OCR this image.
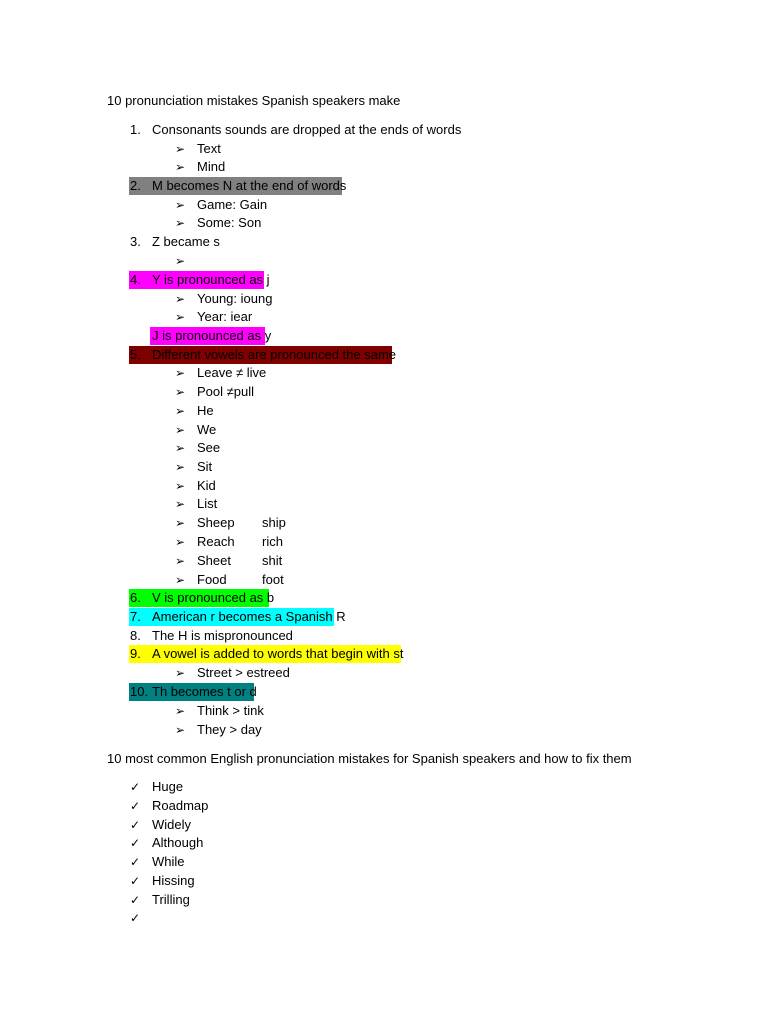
10 pronunciation mistakes Spanish speakers make
1. Consonants sounds are dropped at the ends of words
➢ Text
➢ Mind
2. M becomes N at the end of words
➢ Game: Gain
➢ Some: Son
3. Z became s
➢
4. Y is pronounced as j
➢ Young: ioung
➢ Year: iear
J is pronounced as y
5. Different vowels are pronounced the same
➢ Leave ≠ live
➢ Pool ≠pull
➢ He
➢ We
➢ See
➢ Sit
➢ Kid
➢ List
➢ Sheep ship
➢ Reach rich
➢ Sheet shit
➢ Food	foot
6. V is pronounced as b
7. American r becomes a Spanish R
8. The H is mispronounced
9. A vowel is added to words that begin with st
➢ Street > estreed
10. Th becomes t or d
➢ Think > tink
➢ They > day
10 most common English pronunciation mistakes for Spanish speakers and how to fix them
✓ Huge
✓ Roadmap
✓ Widely
✓ Although
✓ While
✓ Hissing
✓ Trilling
✓
